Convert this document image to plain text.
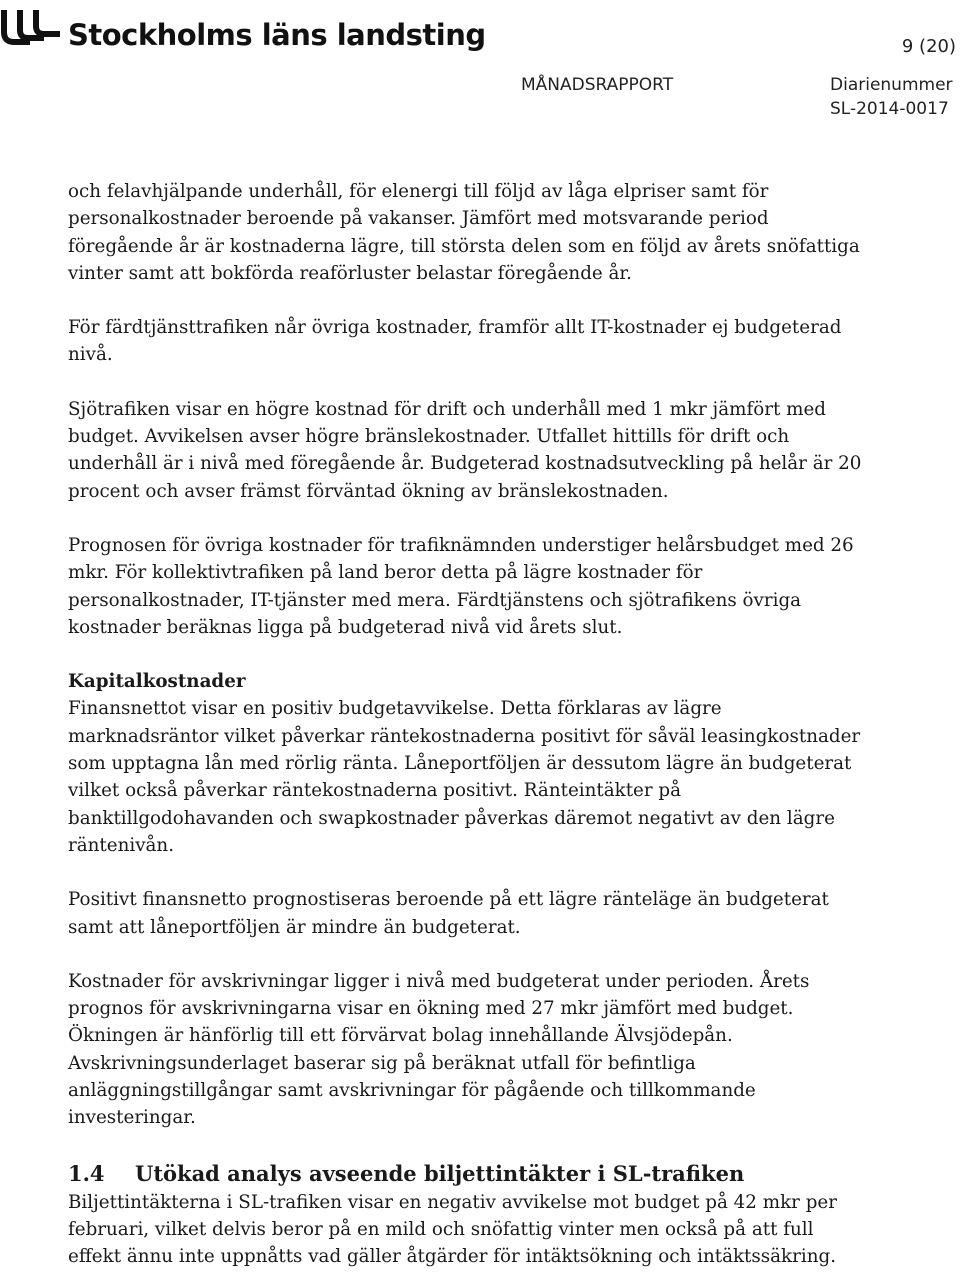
Stockholms läns landsting	9 (20)
MÅNADSRAPPORT	Diarienummer
SL-2014-0017

och felavhjälpande underhåll, för elenergi till följd av låga elpriser samt för personalkostnader beroende på vakanser. Jämfört med motsvarande period föregående år är kostnaderna lägre, till största delen som en följd av årets snöfattiga vinter samt att bokförda reaförluster belastar föregående år.

För färdtjänsttrafiken når övriga kostnader, framför allt IT-kostnader ej budgeterad nivå.

Sjötrafiken visar en högre kostnad för drift och underhåll med 1 mkr jämfört med budget. Avvikelsen avser högre bränslekostnader. Utfallet hittills för drift och underhåll är i nivå med föregående år. Budgeterad kostnadsutveckling på helår är 20 procent och avser främst förväntad ökning av bränslekostnaden.

Prognosen för övriga kostnader för trafiknämnden understiger helårsbudget med 26 mkr. För kollektivtrafiken på land beror detta på lägre kostnader för personalkostnader, IT-tjänster med mera. Färdtjänstens och sjötrafikens övriga kostnader beräknas ligga på budgeterad nivå vid årets slut.

Kapitalkostnader

Finansnettot visar en positiv budgetavvikelse. Detta förklaras av lägre marknadsräntor vilket påverkar räntekostnaderna positivt för såväl leasingkostnader som upptagna lån med rörlig ränta. Låneportföljen är dessutom lägre än budgeterat vilket också påverkar räntekostnaderna positivt. Ränteintäkter på banktillgodohavanden och swapkostnader påverkas däremot negativt av den lägre räntenivån.

Positivt finansnetto prognostiseras beroende på ett lägre ränteläge än budgeterat samt att låneportföljen är mindre än budgeterat.

Kostnader för avskrivningar ligger i nivå med budgeterat under perioden. Årets prognos för avskrivningarna visar en ökning med 27 mkr jämfört med budget. Ökningen är hänförlig till ett förvärvat bolag innehållande Älvsjödepån. Avskrivningsunderlaget baserar sig på beräknat utfall för befintliga anläggningstillgångar samt avskrivningar för pågående och tillkommande investeringar.

1.4	Utökad analys avseende biljettintäkter i SL-trafiken

Biljettintäkterna i SL-trafiken visar en negativ avvikelse mot budget på 42 mkr per februari, vilket delvis beror på en mild och snöfattig vinter men också på att full effekt ännu inte uppnåtts vad gäller åtgärder för intäktsökning och intäktssäkring.
